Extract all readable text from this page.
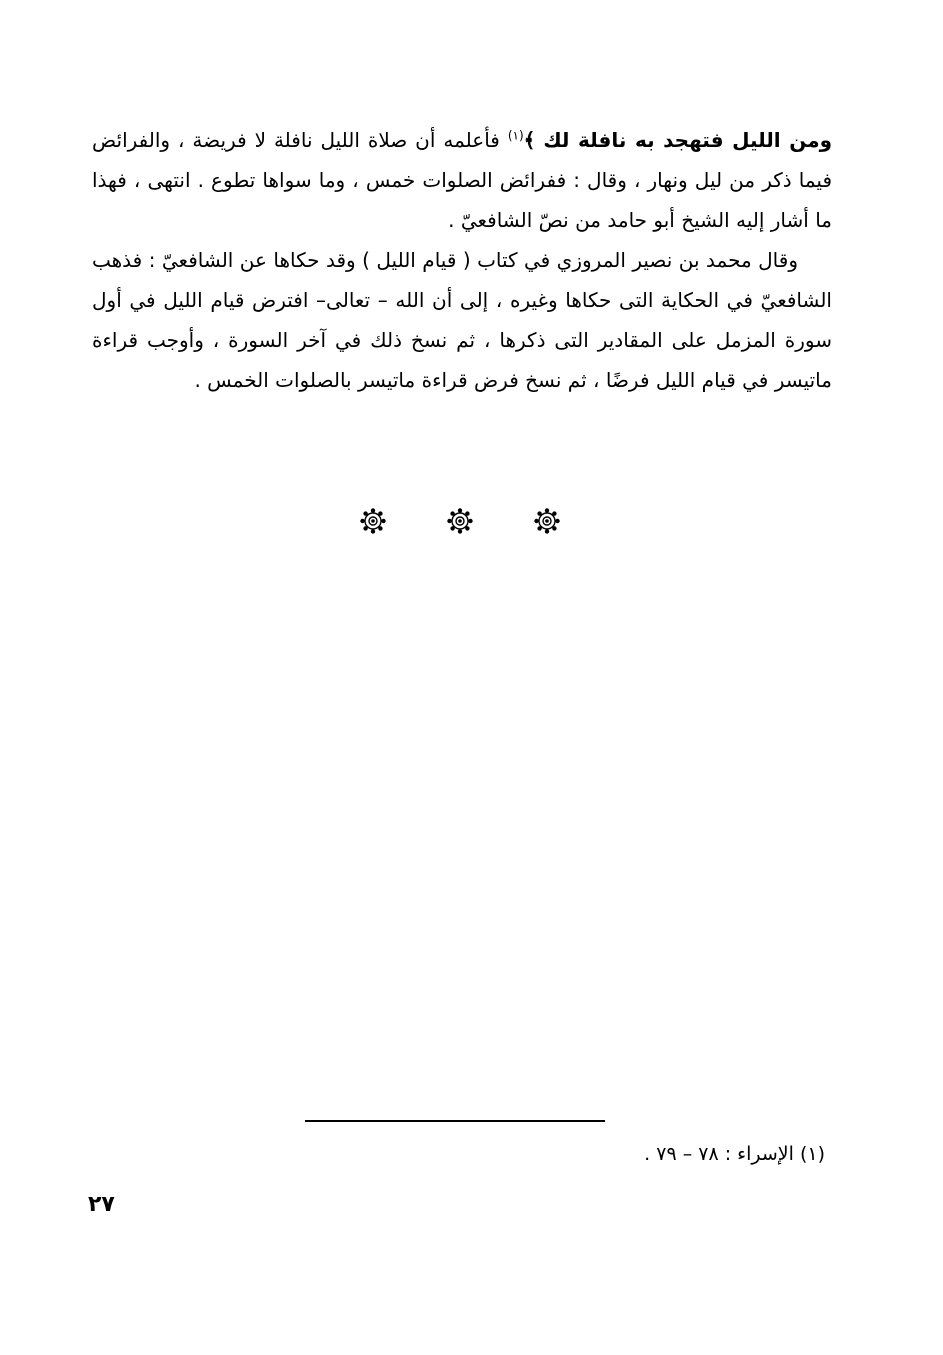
ومن الليل فتهجد به نافلة لك ﴾$^{(١)}$ فأعلمه أن صلاة الليل نافلة لا فريضة ، والفرائض فيما ذكر من ليل ونهار ، وقال : ففرائض الصلوات خمس ، وما سواها تطوع . انتهى ، فهذا ما أشار إليه الشيخ أبو حامد من نصّ الشافعيّ .

وقال محمد بن نصير المروزي في كتاب ( قيام الليل ) وقد حكاها عن الشافعيّ : فذهب الشافعيّ في الحكاية التى حكاها وغيره ، إلى أن الله – تعالى– افترض قيام الليل في أول سورة المزمل على المقادير التى ذكرها ، ثم نسخ ذلك في آخر السورة ، وأوجب قراءة ماتيسر في قيام الليل فرضًا ، ثم نسخ فرض قراءة ماتيسر بالصلوات الخمس .

(١) الإسراء : ٧٨ – ٧٩ .
٢٧
